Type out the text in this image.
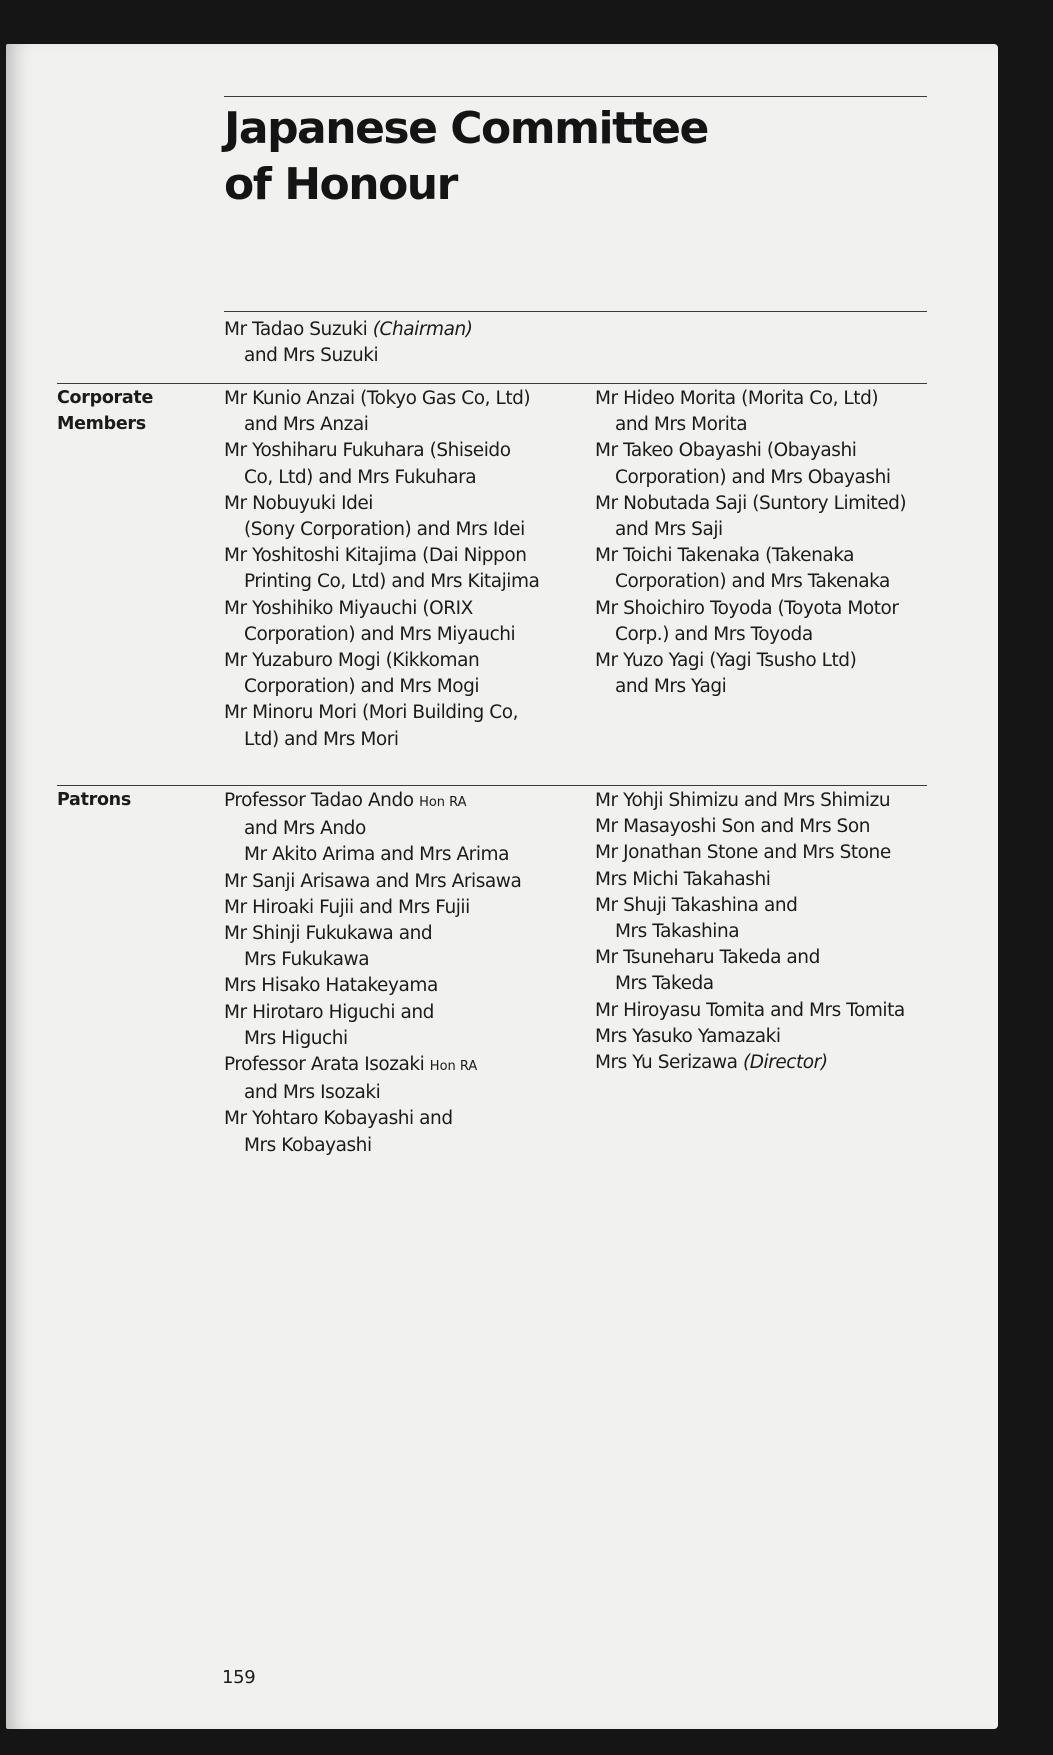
Japanese Committee
of Honour
Mr Tadao Suzuki (Chairman)
and Mrs Suzuki
Corporate
Members
Mr Kunio Anzai (Tokyo Gas Co, Ltd)
and Mrs Anzai
Mr Yoshiharu Fukuhara (Shiseido
Co, Ltd) and Mrs Fukuhara
Mr Nobuyuki Idei
(Sony Corporation) and Mrs Idei
Mr Yoshitoshi Kitajima (Dai Nippon
Printing Co, Ltd) and Mrs Kitajima
Mr Yoshihiko Miyauchi (ORIX
Corporation) and Mrs Miyauchi
Mr Yuzaburo Mogi (Kikkoman
Corporation) and Mrs Mogi
Mr Minoru Mori (Mori Building Co,
Ltd) and Mrs Mori
Mr Hideo Morita (Morita Co, Ltd)
and Mrs Morita
Mr Takeo Obayashi (Obayashi
Corporation) and Mrs Obayashi
Mr Nobutada Saji (Suntory Limited)
and Mrs Saji
Mr Toichi Takenaka (Takenaka
Corporation) and Mrs Takenaka
Mr Shoichiro Toyoda (Toyota Motor
Corp.) and Mrs Toyoda
Mr Yuzo Yagi (Yagi Tsusho Ltd)
and Mrs Yagi
Patrons	Professor Tadao Ando Hon RA
and Mrs Ando
Mr Akito Arima and Mrs Arima
Mr Sanji Arisawa and Mrs Arisawa
Mr Hiroaki Fujii and Mrs Fujii
Mr Shinji Fukukawa and
Mrs Fukukawa
Mrs Hisako Hatakeyama
Mr Hirotaro Higuchi and
Mrs Higuchi
Professor Arata Isozaki Hon RA
and Mrs Isozaki
Mr Yohtaro Kobayashi and
Mrs Kobayashi
Mr Yohji Shimizu and Mrs Shimizu
Mr Masayoshi Son and Mrs Son
Mr Jonathan Stone and Mrs Stone
Mrs Michi Takahashi
Mr Shuji Takashina and
Mrs Takashina
Mr Tsuneharu Takeda and
Mrs Takeda
Mr Hiroyasu Tomita and Mrs Tomita
Mrs Yasuko Yamazaki
Mrs Yu Serizawa (Director)
159
